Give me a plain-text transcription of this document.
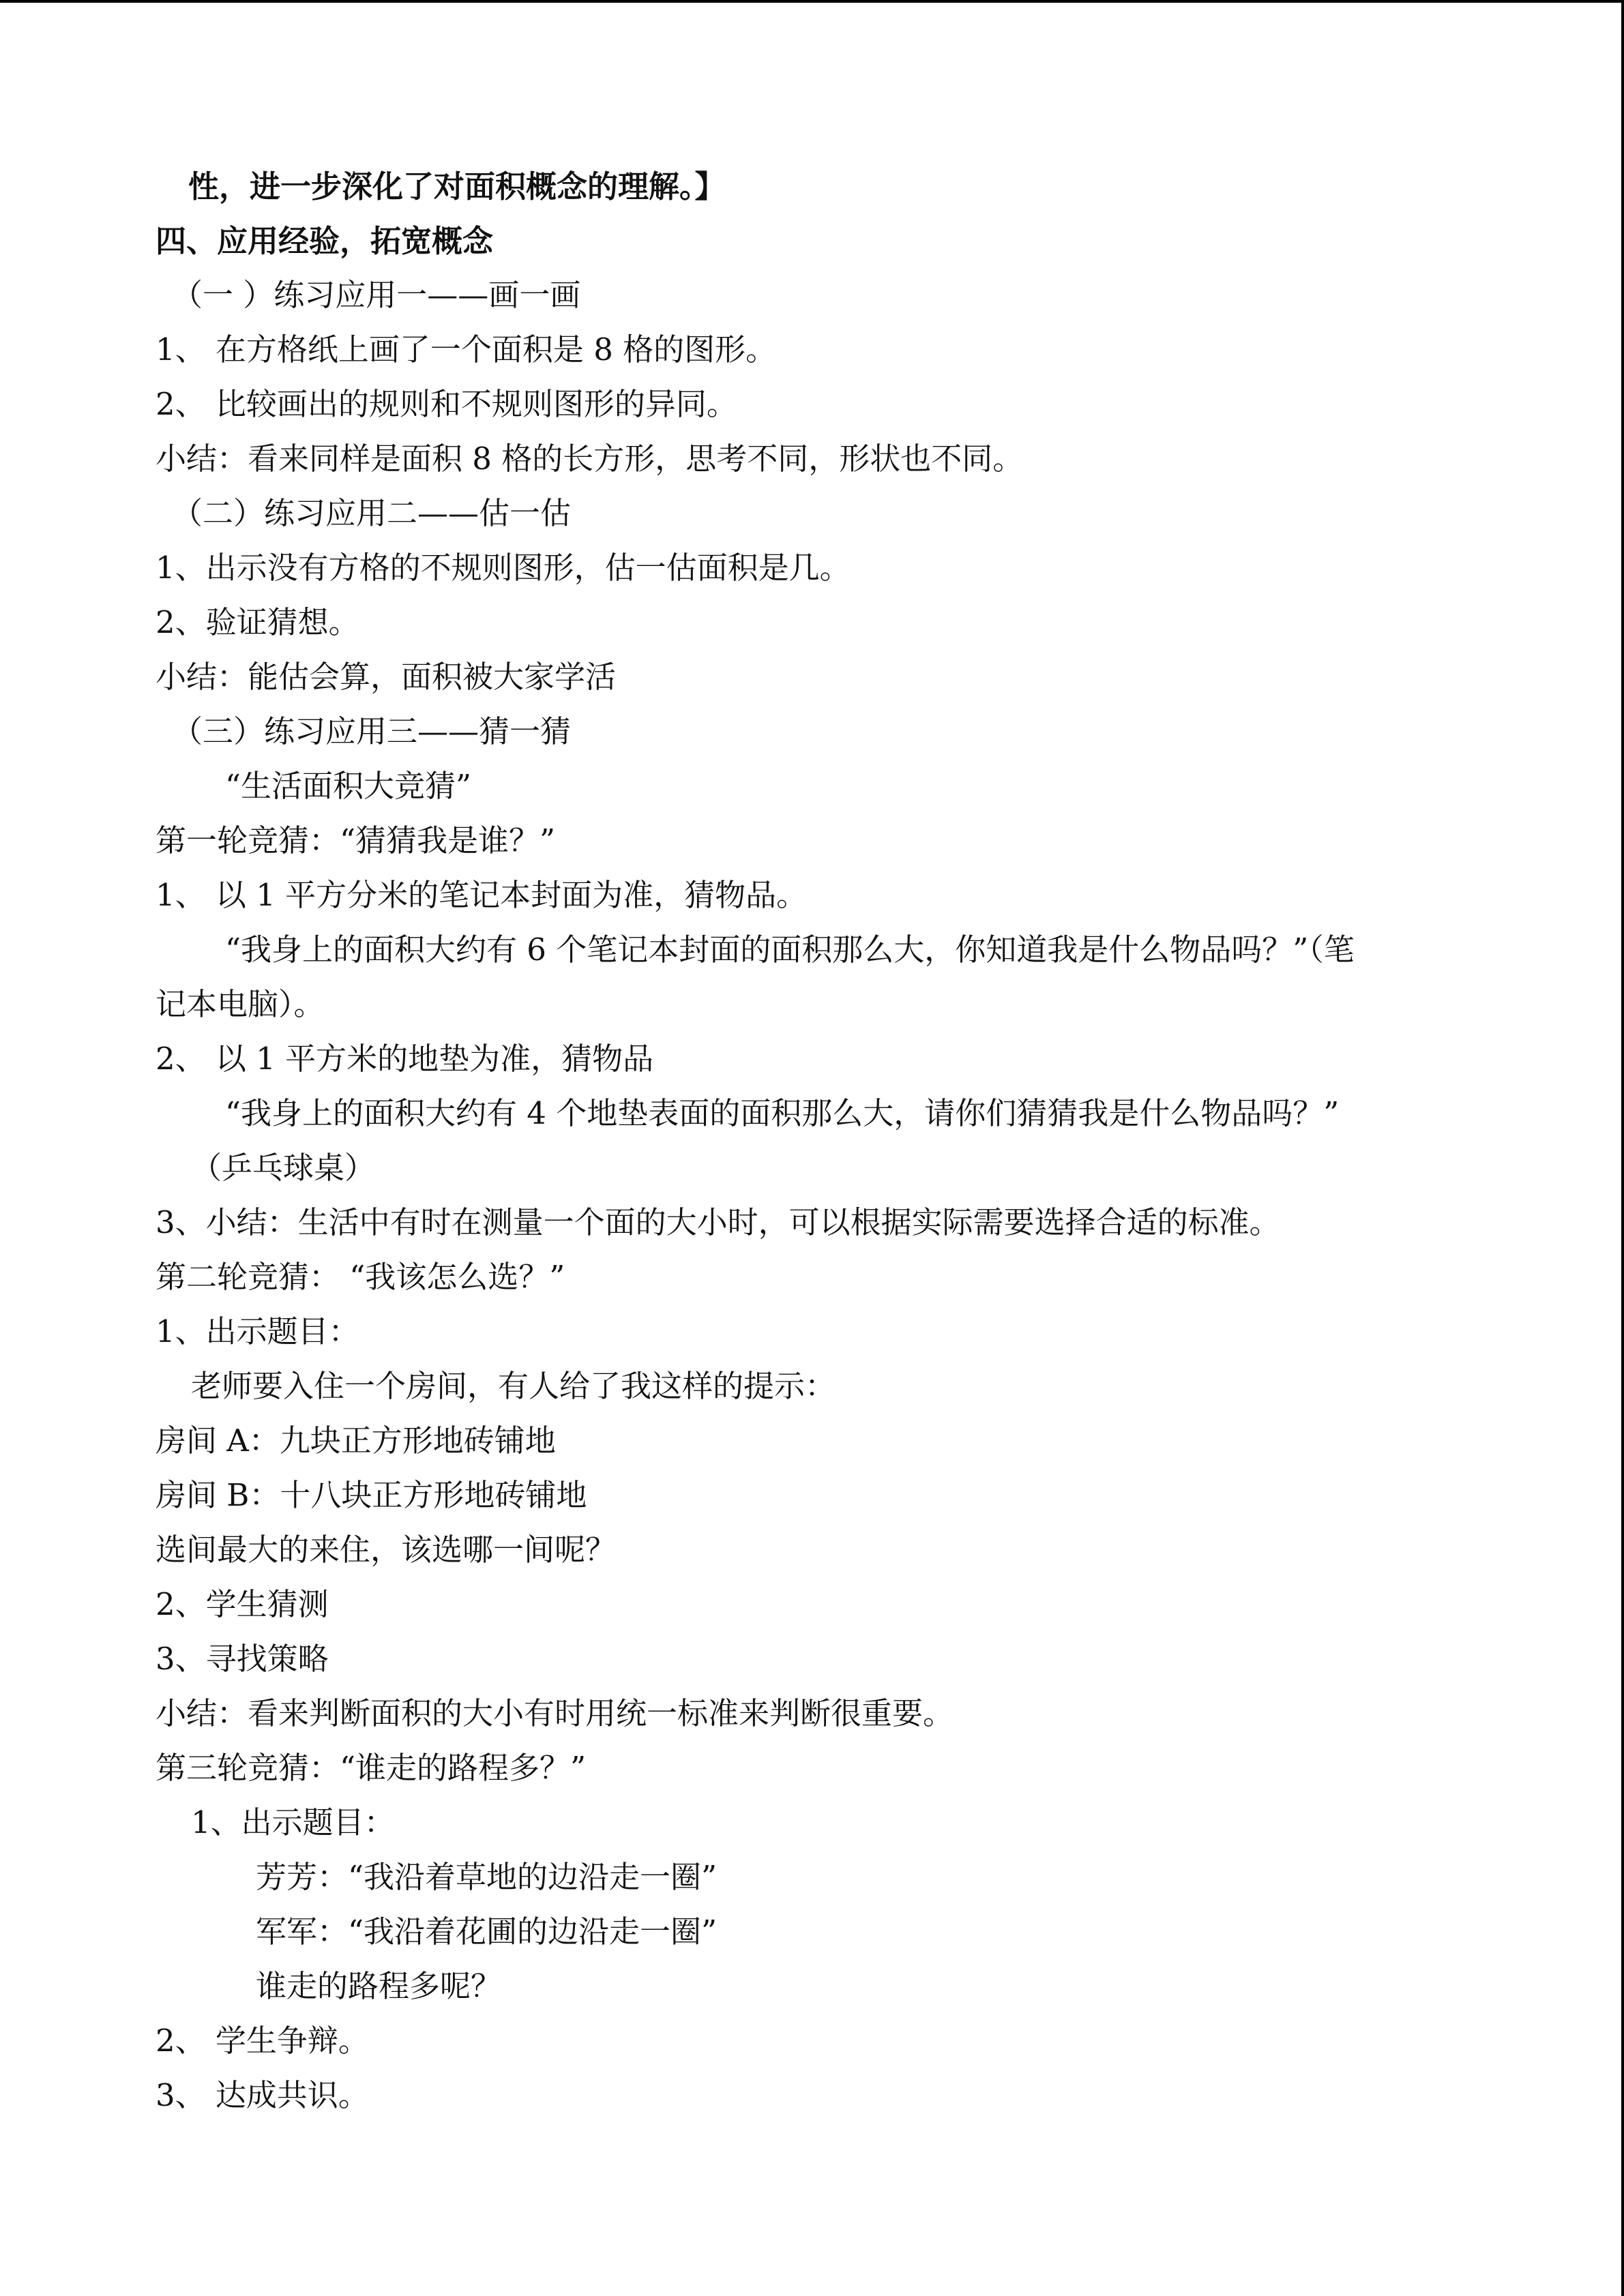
性，进一步深化了对面积概念的理解。】
四、应用经验，拓宽概念
（一 ）练习应用一——画一画
1、 在方格纸上画了一个面积是 8 格的图形。
2、 比较画出的规则和不规则图形的异同。
小结：看来同样是面积 8 格的长方形，思考不同，形状也不同。
（二）练习应用二——估一估
1、出示没有方格的不规则图形，估一估面积是几。
2、验证猜想。
小结：能估会算，面积被大家学活
（三）练习应用三——猜一猜
“生活面积大竞猜”
第一轮竞猜：“猜猜我是谁？”
1、 以 1 平方分米的笔记本封面为准，猜物品。
“我身上的面积大约有 6 个笔记本封面的面积那么大，你知道我是什么物品吗？”（笔
记本电脑）。
2、 以 1 平方米的地垫为准，猜物品
“我身上的面积大约有 4 个地垫表面的面积那么大，请你们猜猜我是什么物品吗？”
（乒乓球桌）
3、小结：生活中有时在测量一个面的大小时，可以根据实际需要选择合适的标准。
第二轮竞猜： “我该怎么选？”
1、出示题目：
老师要入住一个房间，有人给了我这样的提示：
房间 A：九块正方形地砖铺地
房间 B：十八块正方形地砖铺地
选间最大的来住，该选哪一间呢？
2、学生猜测
3、寻找策略
小结：看来判断面积的大小有时用统一标准来判断很重要。
第三轮竞猜：“谁走的路程多？”
1、出示题目：
芳芳：“我沿着草地的边沿走一圈”
军军：“我沿着花圃的边沿走一圈”
谁走的路程多呢？
2、 学生争辩。
3、 达成共识。
